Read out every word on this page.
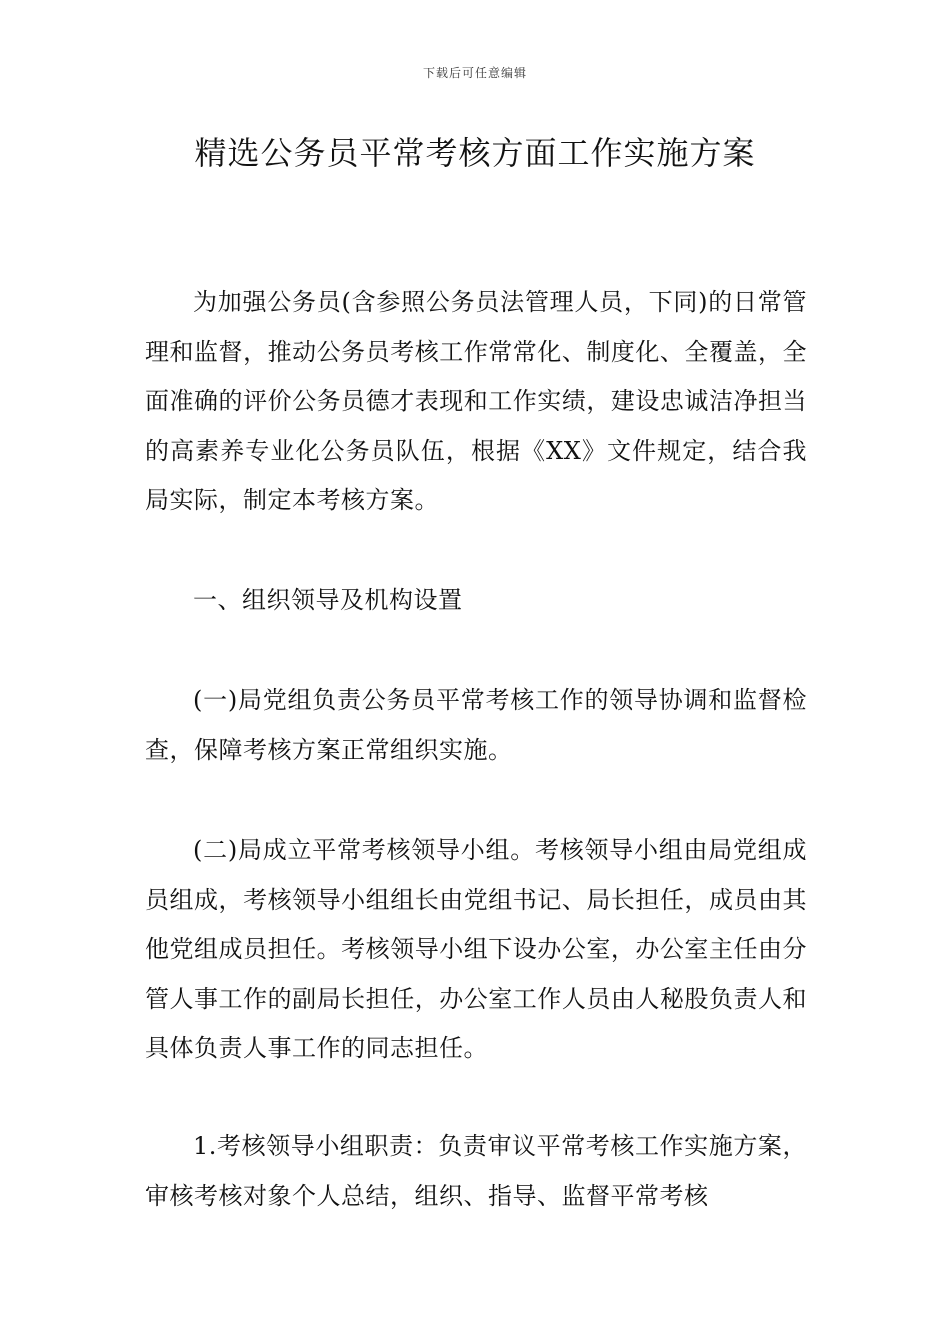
下载后可任意编辑
精选公务员平常考核方面工作实施方案

为加强公务员(含参照公务员法管理人员，下同)的日常管理和监督，推动公务员考核工作常常化、制度化、全覆盖，全面准确的评价公务员德才表现和工作实绩，建设忠诚洁净担当的高素养专业化公务员队伍，根据《XX》文件规定，结合我局实际，制定本考核方案。

一、组织领导及机构设置

(一)局党组负责公务员平常考核工作的领导协调和监督检查，保障考核方案正常组织实施。

(二)局成立平常考核领导小组。考核领导小组由局党组成员组成，考核领导小组组长由党组书记、局长担任，成员由其他党组成员担任。考核领导小组下设办公室，办公室主任由分管人事工作的副局长担任，办公室工作人员由人秘股负责人和具体负责人事工作的同志担任。

1.考核领导小组职责：负责审议平常考核工作实施方案，审核考核对象个人总结，组织、指导、监督平常考核
